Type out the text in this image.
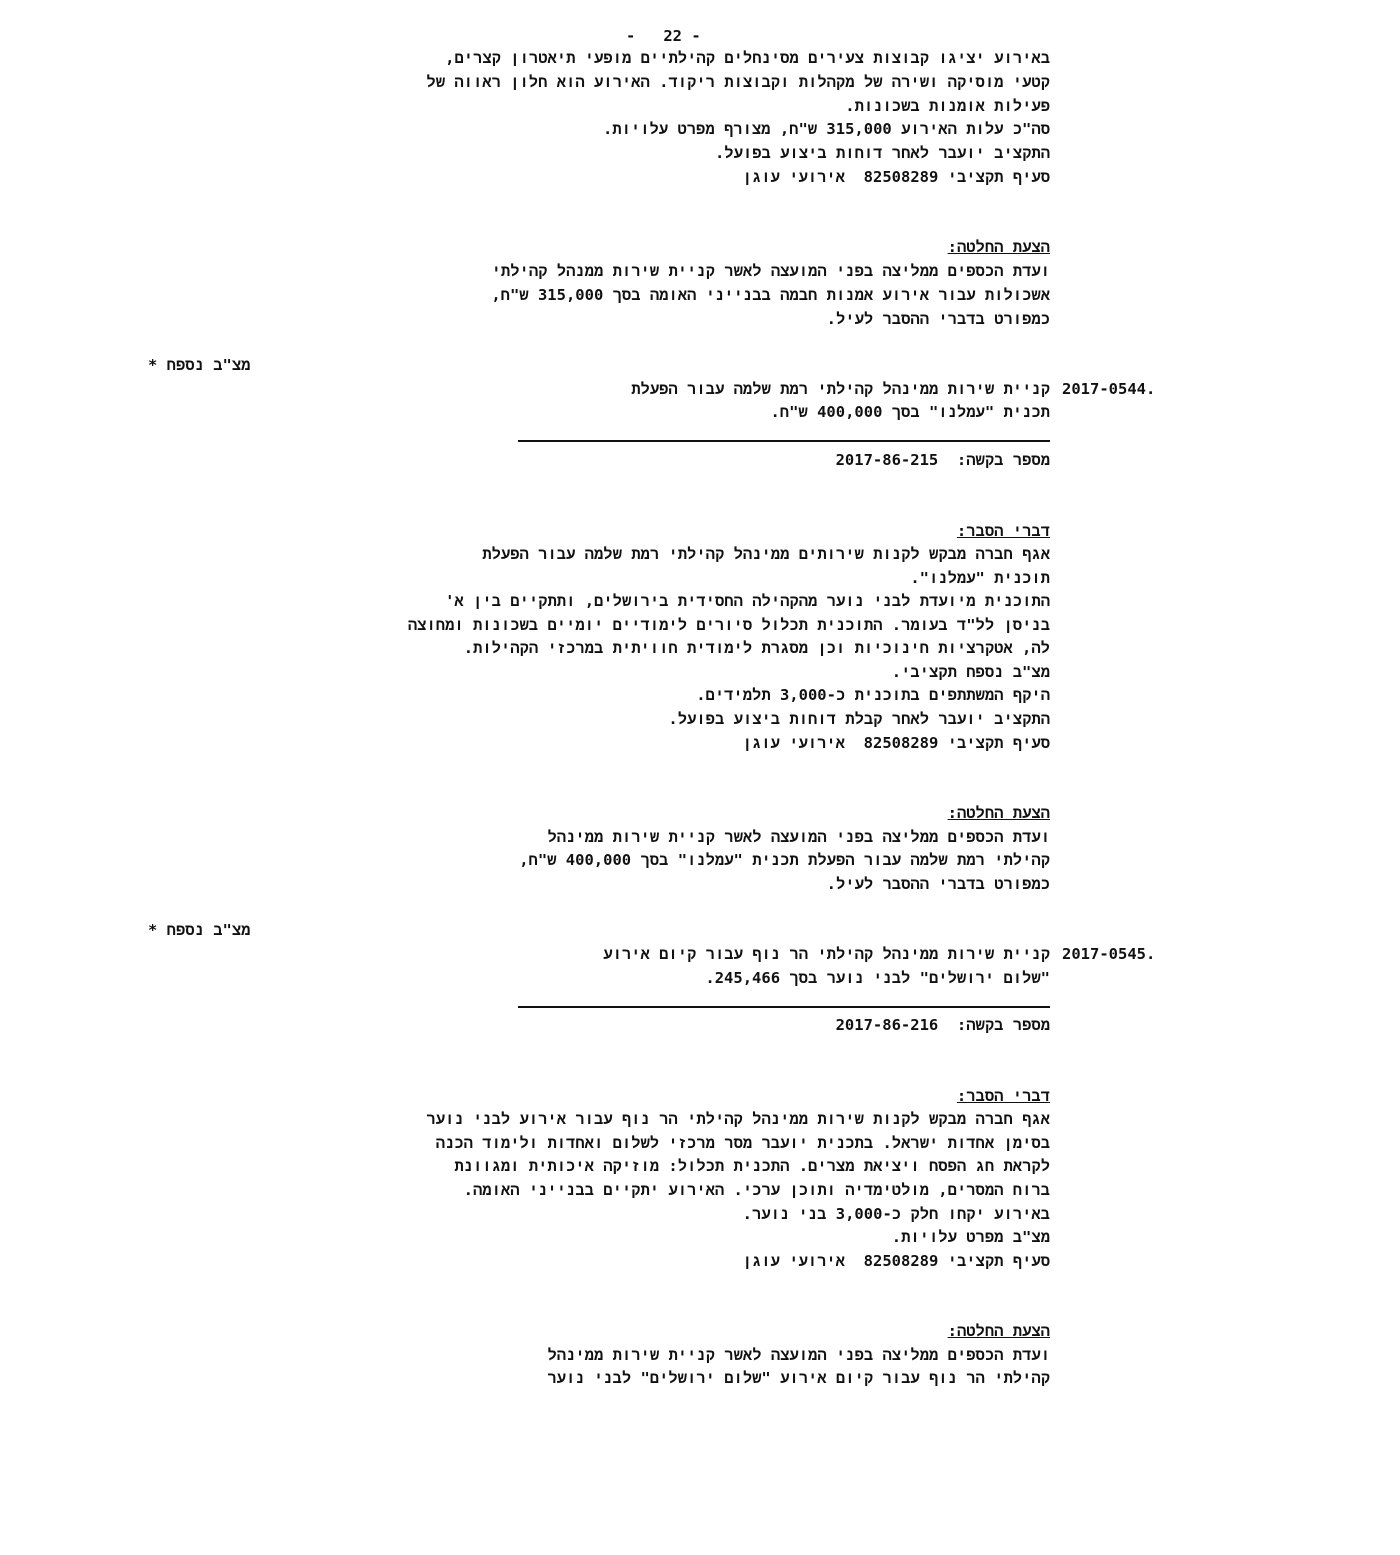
-   22 -
באירוע יציגו קבוצות צעירים מסינחלים קהילתיים מופעי תיאטרון קצרים,
קטעי מוסיקה ושירה של מקהלות וקבוצות ריקוד. האירוע הוא חלון ראווה של
פעילות אומנות בשכונות.
סה"כ עלות האירוע 315,000 ש"ח, מצורף מפרט עלויות.
התקציב יועבר לאחר דוחות ביצוע בפועל.
סעיף תקציבי 82508289  אירועי עוגן
הצעת החלטה:
ועדת הכספים ממליצה בפני המועצה לאשר קניית שירות ממנהל קהילתי
אשכולות עבור אירוע אמנות חבמה בבנייני האומה בסך 315,000 ש"ח,
כמפורט בדברי ההסבר לעיל.
* מצ"ב נספח
2017-0544.
קניית שירות ממינהל קהילתי רמת שלמה עבור הפעלת
תכנית "עמלנו" בסך 400,000 ש"ח.
מספר בקשה:  2017-86-215
דברי הסבר:
אגף חברה מבקש לקנות שירותים ממינהל קהילתי רמת שלמה עבור הפעלת
תוכנית "עמלנו".
התוכנית מיועדת לבני נוער מהקהילה החסידית בירושלים, ותתקיים בין א'
בניסן לל"ד בעומר. התוכנית תכלול סיורים לימודיים יומיים בשכונות ומחוצה
לה, אטקרציות חינוכיות וכן מסגרת לימודית חוויתית במרכזי הקהילות.
מצ"ב נספח תקציבי.
היקף המשתתפים בתוכנית כ-3,000 תלמידים.
התקציב יועבר לאחר קבלת דוחות ביצוע בפועל.
סעיף תקציבי 82508289  אירועי עוגן
הצעת החלטה:
ועדת הכספים ממליצה בפני המועצה לאשר קניית שירות ממינהל
קהילתי רמת שלמה עבור הפעלת תכנית "עמלנו" בסך 400,000 ש"ח,
כמפורט בדברי ההסבר לעיל.
* מצ"ב נספח
2017-0545.
קניית שירות ממינהל קהילתי הר נוף עבור קיום אירוע
"שלום ירושלים" לבני נוער בסך 245,466.
מספר בקשה:  2017-86-216
דברי הסבר:
אגף חברה מבקש לקנות שירות ממינהל קהילתי הר נוף עבור אירוע לבני נוער
בסימן אחדות ישראל. בתכנית יועבר מסר מרכזי לשלום ואחדות ולימוד הכנה
לקראת חג הפסח ויציאת מצרים. התכנית תכלול: מוזיקה איכותית ומגוונת
ברוח המסרים, מולטימדיה ותוכן ערכי. האירוע יתקיים בבנייני האומה.
באירוע יקחו חלק כ-3,000 בני נוער.
מצ"ב מפרט עלויות.
סעיף תקציבי 82508289  אירועי עוגן
הצעת החלטה:
ועדת הכספים ממליצה בפני המועצה לאשר קניית שירות ממינהל
קהילתי הר נוף עבור קיום אירוע "שלום ירושלים" לבני נוער
